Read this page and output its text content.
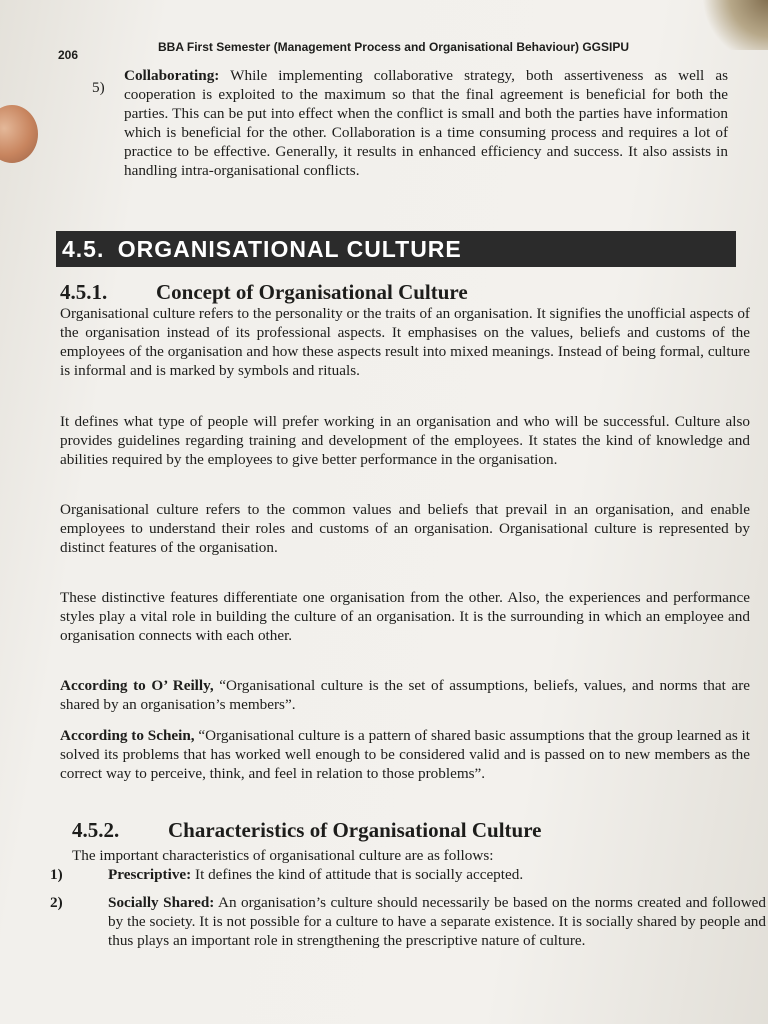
206
BBA First Semester (Management Process and Organisational Behaviour) GGSIPU
5)
Collaborating: While implementing collaborative strategy, both assertiveness as well as cooperation is exploited to the maximum so that the final agreement is beneficial for both the parties. This can be put into effect when the conflict is small and both the parties have information which is beneficial for the other. Collaboration is a time consuming process and requires a lot of practice to be effective. Generally, it results in enhanced efficiency and success. It also assists in handling intra-organisational conflicts.
4.5. ORGANISATIONAL CULTURE
4.5.1. Concept of Organisational Culture
Organisational culture refers to the personality or the traits of an organisation. It signifies the unofficial aspects of the organisation instead of its professional aspects. It emphasises on the values, beliefs and customs of the employees of the organisation and how these aspects result into mixed meanings. Instead of being formal, culture is informal and is marked by symbols and rituals.
It defines what type of people will prefer working in an organisation and who will be successful. Culture also provides guidelines regarding training and development of the employees. It states the kind of knowledge and abilities required by the employees to give better performance in the organisation.
Organisational culture refers to the common values and beliefs that prevail in an organisation, and enable employees to understand their roles and customs of an organisation. Organisational culture is represented by distinct features of the organisation.
These distinctive features differentiate one organisation from the other. Also, the experiences and performance styles play a vital role in building the culture of an organisation. It is the surrounding in which an employee and organisation connects with each other.
According to O’ Reilly, “Organisational culture is the set of assumptions, beliefs, values, and norms that are shared by an organisation’s members”.
According to Schein, “Organisational culture is a pattern of shared basic assumptions that the group learned as it solved its problems that has worked well enough to be considered valid and is passed on to new members as the correct way to perceive, think, and feel in relation to those problems”.
4.5.2. Characteristics of Organisational Culture
The important characteristics of organisational culture are as follows:
1)	Prescriptive: It defines the kind of attitude that is socially accepted.
2)	Socially Shared: An organisation’s culture should necessarily be based on the norms created and followed by the society. It is not possible for a culture to have a separate existence. It is socially shared by people and thus plays an important role in strengthening the prescriptive nature of culture.
